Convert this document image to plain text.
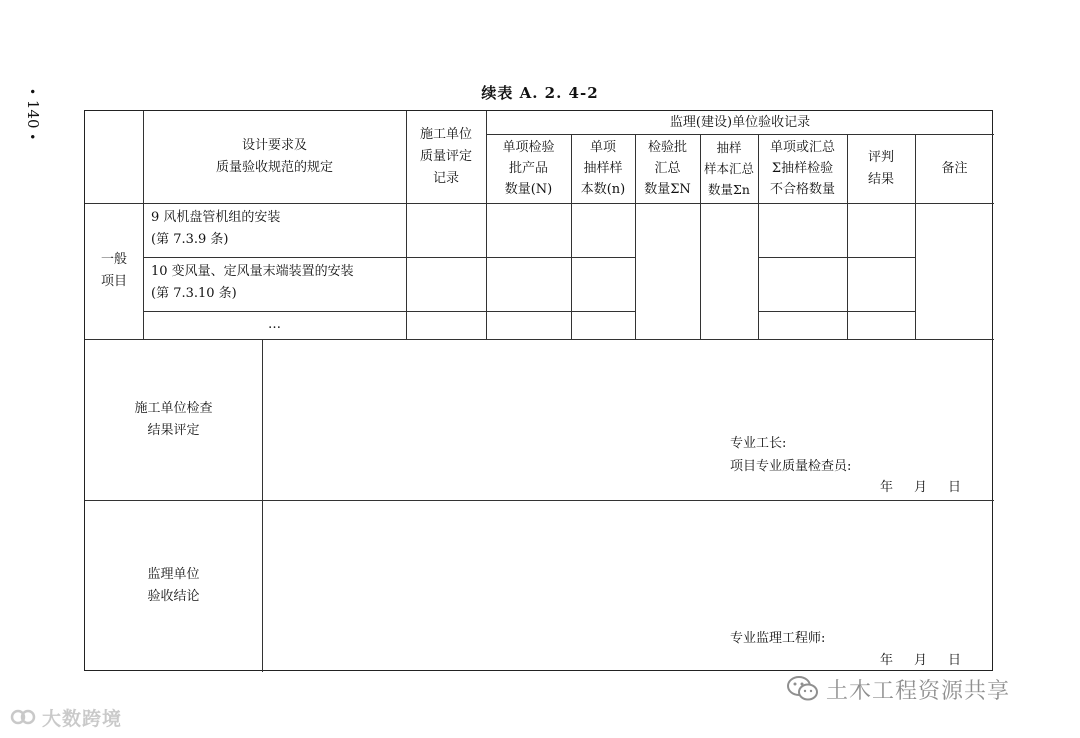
• 140 •
续表 A. 2. 4-2
设计要求及
质量验收规范的规定
施工单位
质量评定
记录
监理(建设)单位验收记录
单项检验
批产品
数量(N)
单项
抽样样
本数(n)
检验批
汇总
数量ΣN
抽样
样本汇总
数量Σn
单项或汇总
Σ抽样检验
不合格数量
评判
结果
备注
一般
项目
9 风机盘管机组的安装
(第 7.3.9 条)
10 变风量、定风量末端装置的安装
(第 7.3.10 条)
…
施工单位检查
结果评定
专业工长:
项目专业质量检查员:
年　月　日
监理单位
验收结论
专业监理工程师:
年　月　日
大数跨境
土木工程资源共享
